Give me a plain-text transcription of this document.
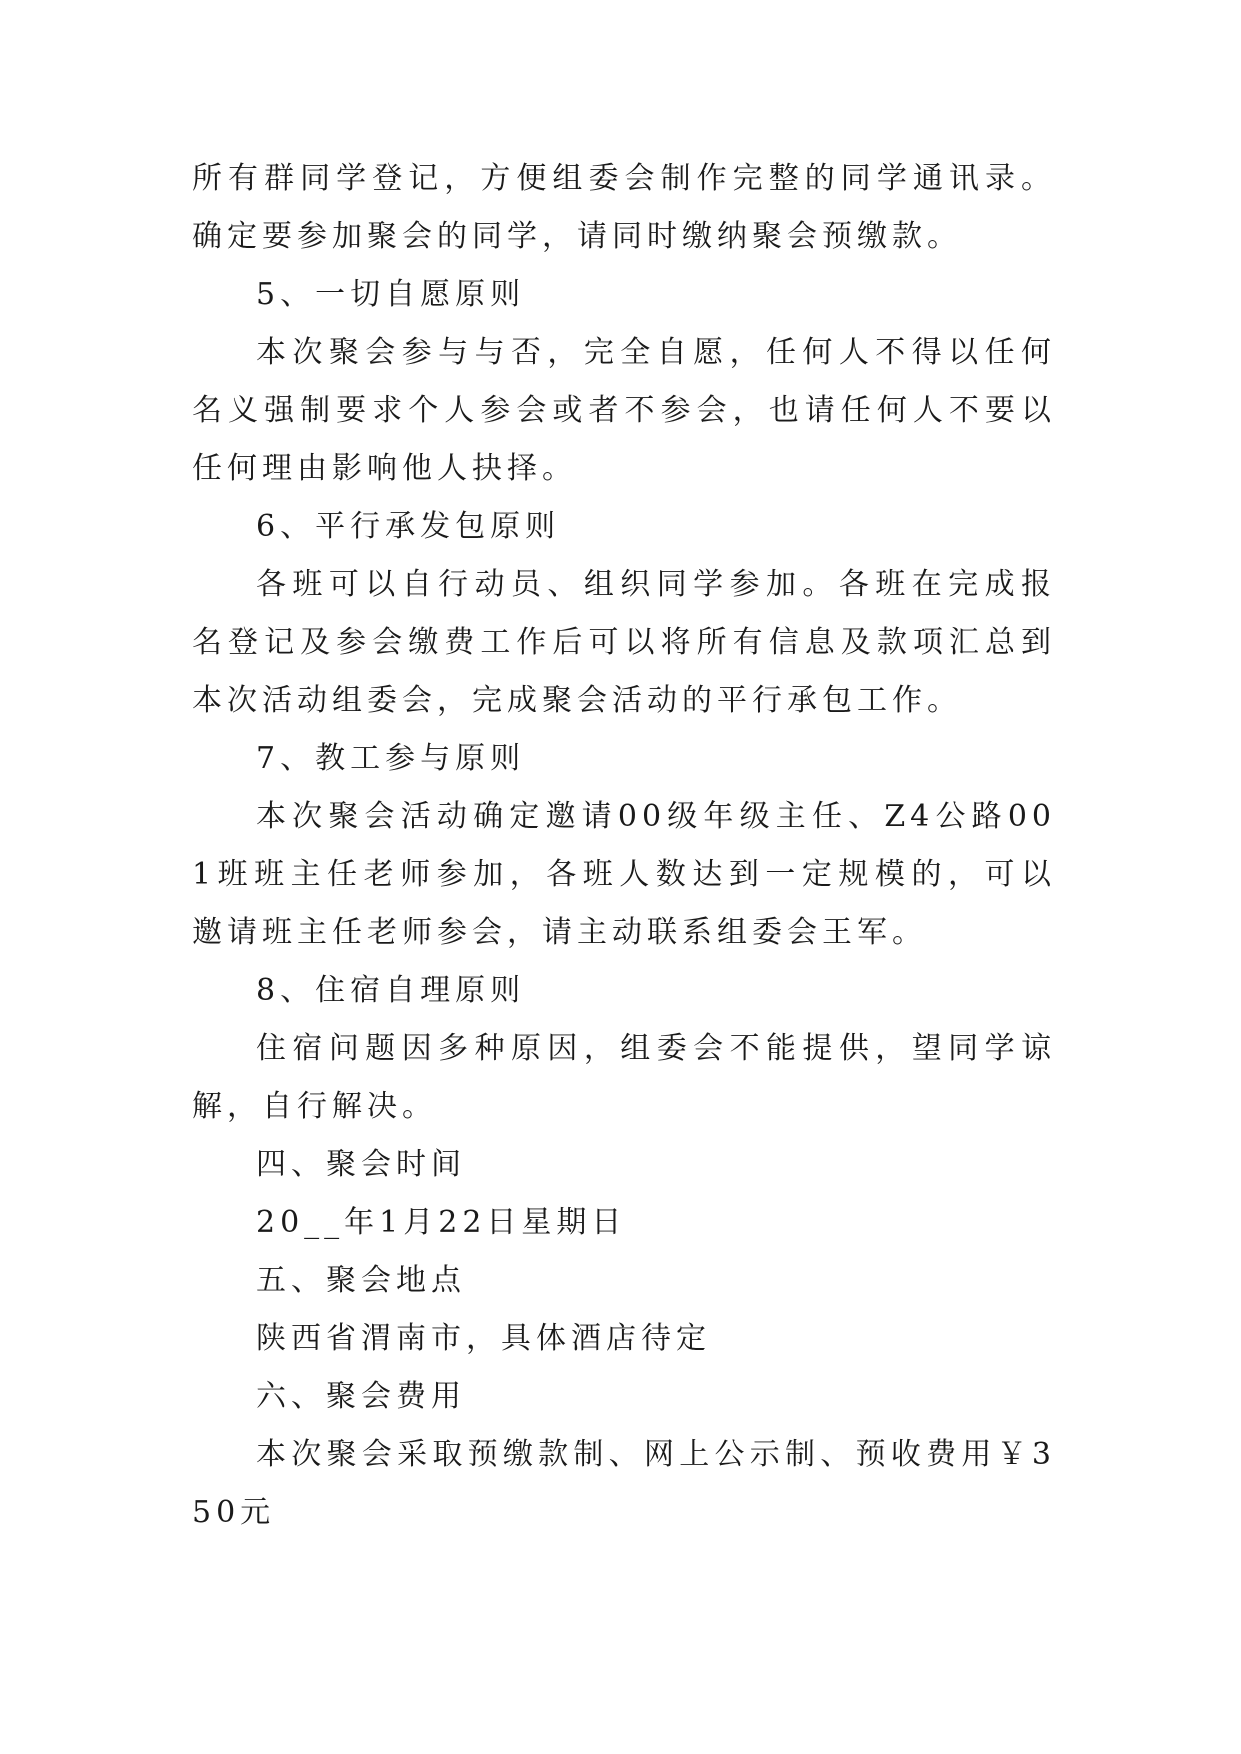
所有群同学登记，方便组委会制作完整的同学通讯录。确定要参加聚会的同学，请同时缴纳聚会预缴款。

5、一切自愿原则

本次聚会参与与否，完全自愿，任何人不得以任何名义强制要求个人参会或者不参会，也请任何人不要以任何理由影响他人抉择。

6、平行承发包原则

各班可以自行动员、组织同学参加。各班在完成报名登记及参会缴费工作后可以将所有信息及款项汇总到本次活动组委会，完成聚会活动的平行承包工作。

7、教工参与原则

本次聚会活动确定邀请00级年级主任、Z4公路001班班主任老师参加，各班人数达到一定规模的，可以邀请班主任老师参会，请主动联系组委会王军。

8、住宿自理原则

住宿问题因多种原因，组委会不能提供，望同学谅解，自行解决。

四、聚会时间

20__年1月22日星期日

五、聚会地点

陕西省渭南市，具体酒店待定

六、聚会费用

本次聚会采取预缴款制、网上公示制、预收费用￥350元
